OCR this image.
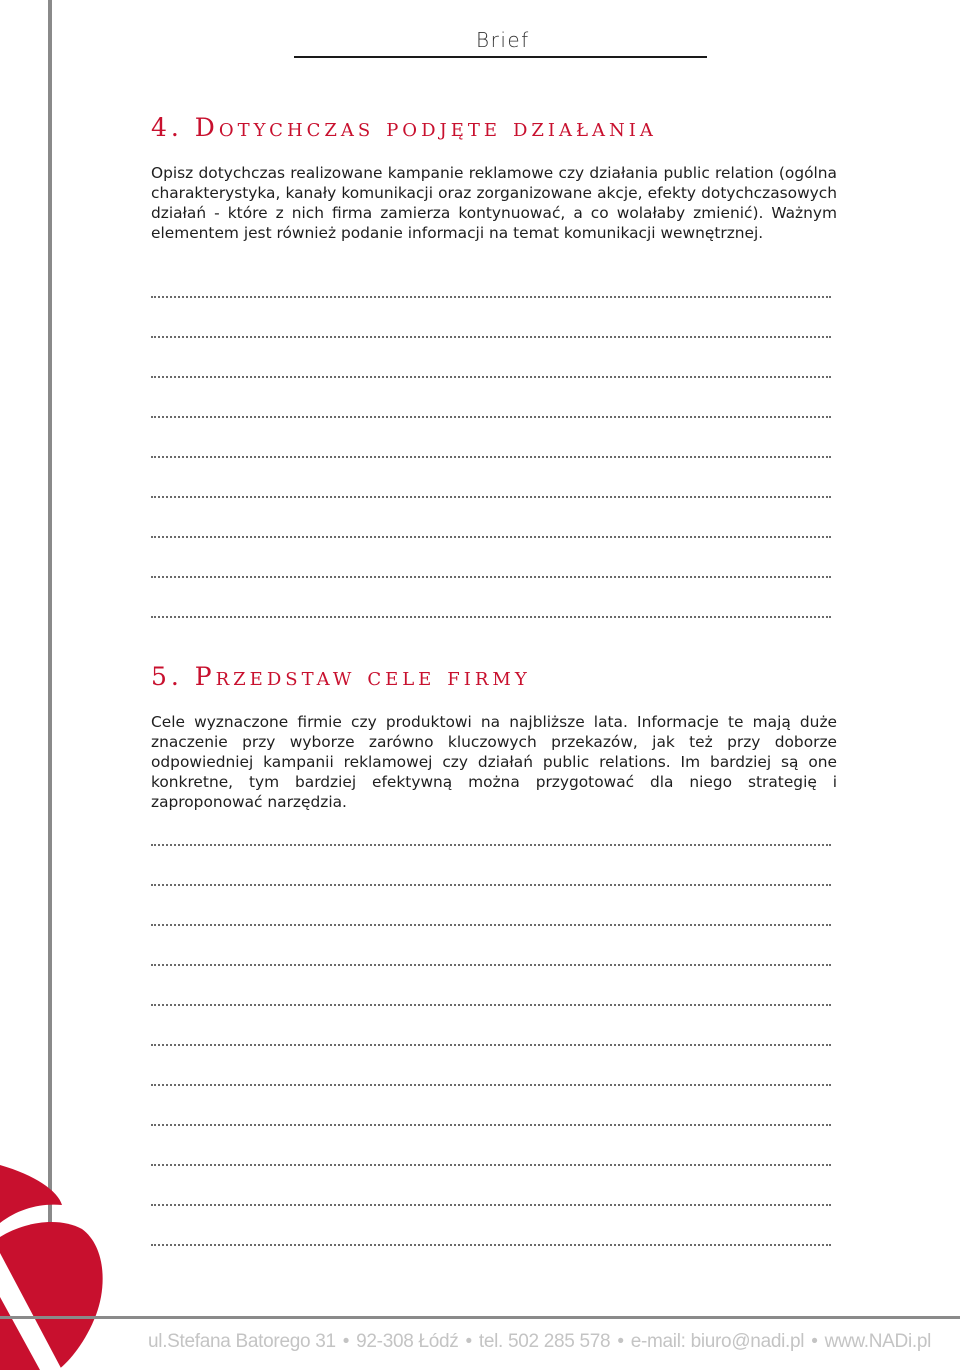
Brief
4. Dotychczas podjęte działania
Opisz dotychczas realizowane kampanie reklamowe czy działania public relation (ogólna charakterystyka, kanały komunikacji oraz zorganizowane akcje, efekty dotychczasowych działań - które z nich firma zamierza kontynuować, a co wolałaby zmienić). Ważnym elementem jest również podanie informacji na temat komunikacji wewnętrznej.
5. Przedstaw cele firmy
Cele wyznaczone firmie czy produktowi na najbliższe lata. Informacje te mają duże znaczenie przy wyborze zarówno kluczowych przekazów, jak też przy doborze odpowiedniej kampanii reklamowej czy działań public relations. Im bardziej są one konkretne, tym bardziej efektywną można przygotować dla niego strategię i zaproponować narzędzia.
ul.Stefana Batorego 31 • 92-308 Łódź • tel. 502 285 578 • e-mail: biuro@nadi.pl • www.NADi.pl
